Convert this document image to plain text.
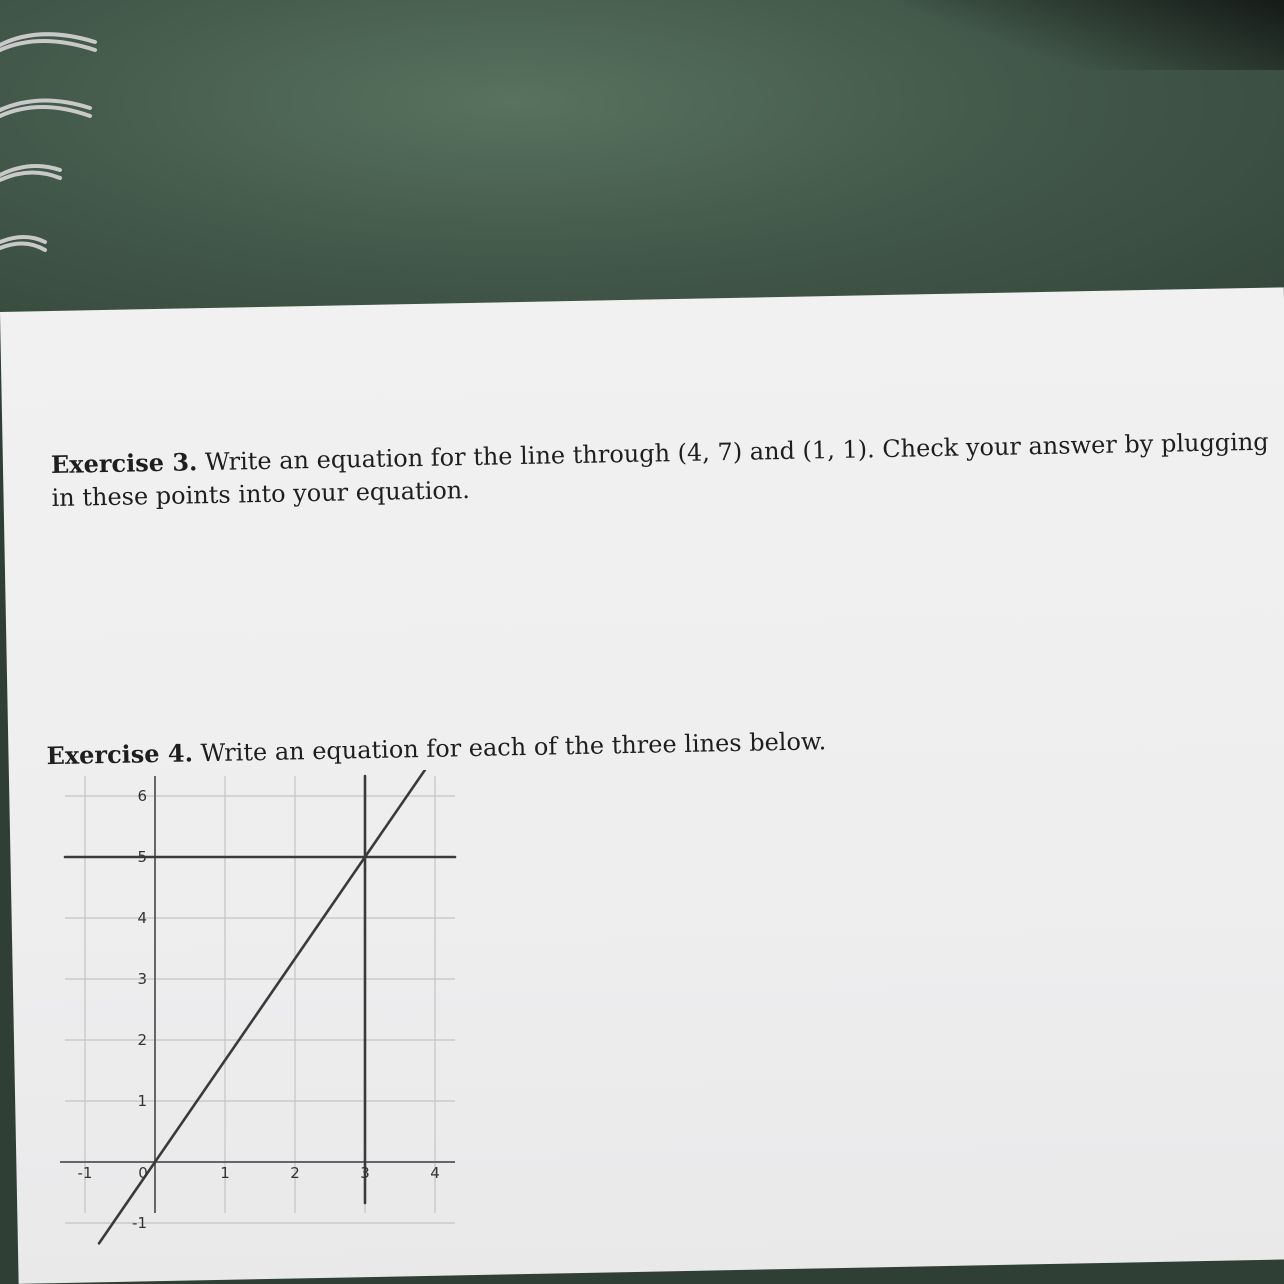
Exercise 3. Write an equation for the line through (4, 7) and (1, 1). Check your answer by plugging in these points into your equation.

Exercise 4. Write an equation for each of the three lines below.

-1	0	1	2	3	4
-1
1
2
3
4
5
6
